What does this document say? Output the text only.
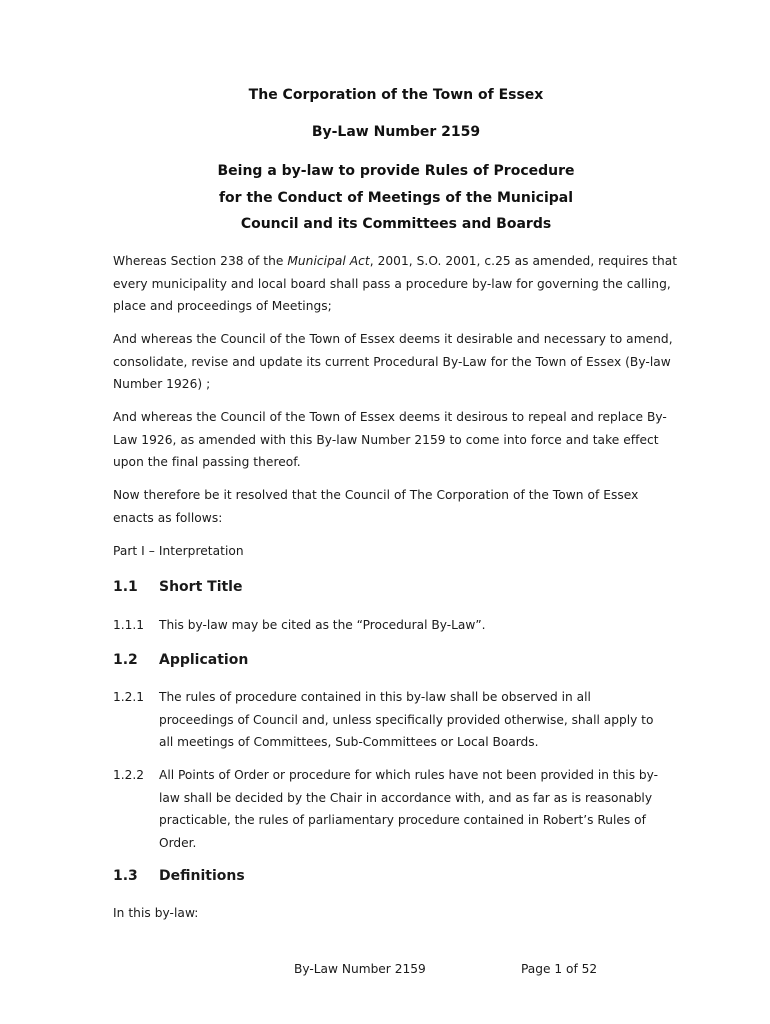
The Corporation of the Town of Essex
By-Law Number 2159
Being a by-law to provide Rules of Procedure
for the Conduct of Meetings of the Municipal
Council and its Committees and Boards
Whereas Section 238 of the Municipal Act, 2001, S.O. 2001, c.25 as amended, requires that
every municipality and local board shall pass a procedure by-law for governing the calling,
place and proceedings of Meetings;
And whereas the Council of the Town of Essex deems it desirable and necessary to amend,
consolidate, revise and update its current Procedural By-Law for the Town of Essex (By-law
Number 1926) ;
And whereas the Council of the Town of Essex deems it desirous to repeal and replace By-
Law 1926, as amended with this By-law Number 2159 to come into force and take effect
upon the final passing thereof.
Now therefore be it resolved that the Council of The Corporation of the Town of Essex
enacts as follows:
Part I – Interpretation
1.1 Short Title
1.1.1 This by-law may be cited as the “Procedural By-Law”.
1.2 Application
1.2.1 The rules of procedure contained in this by-law shall be observed in all
proceedings of Council and, unless specifically provided otherwise, shall apply to
all meetings of Committees, Sub-Committees or Local Boards.
1.2.2 All Points of Order or procedure for which rules have not been provided in this by-
law shall be decided by the Chair in accordance with, and as far as is reasonably
practicable, the rules of parliamentary procedure contained in Robert’s Rules of
Order.
1.3 Definitions
In this by-law:
By-Law Number 2159	Page 1 of 52
